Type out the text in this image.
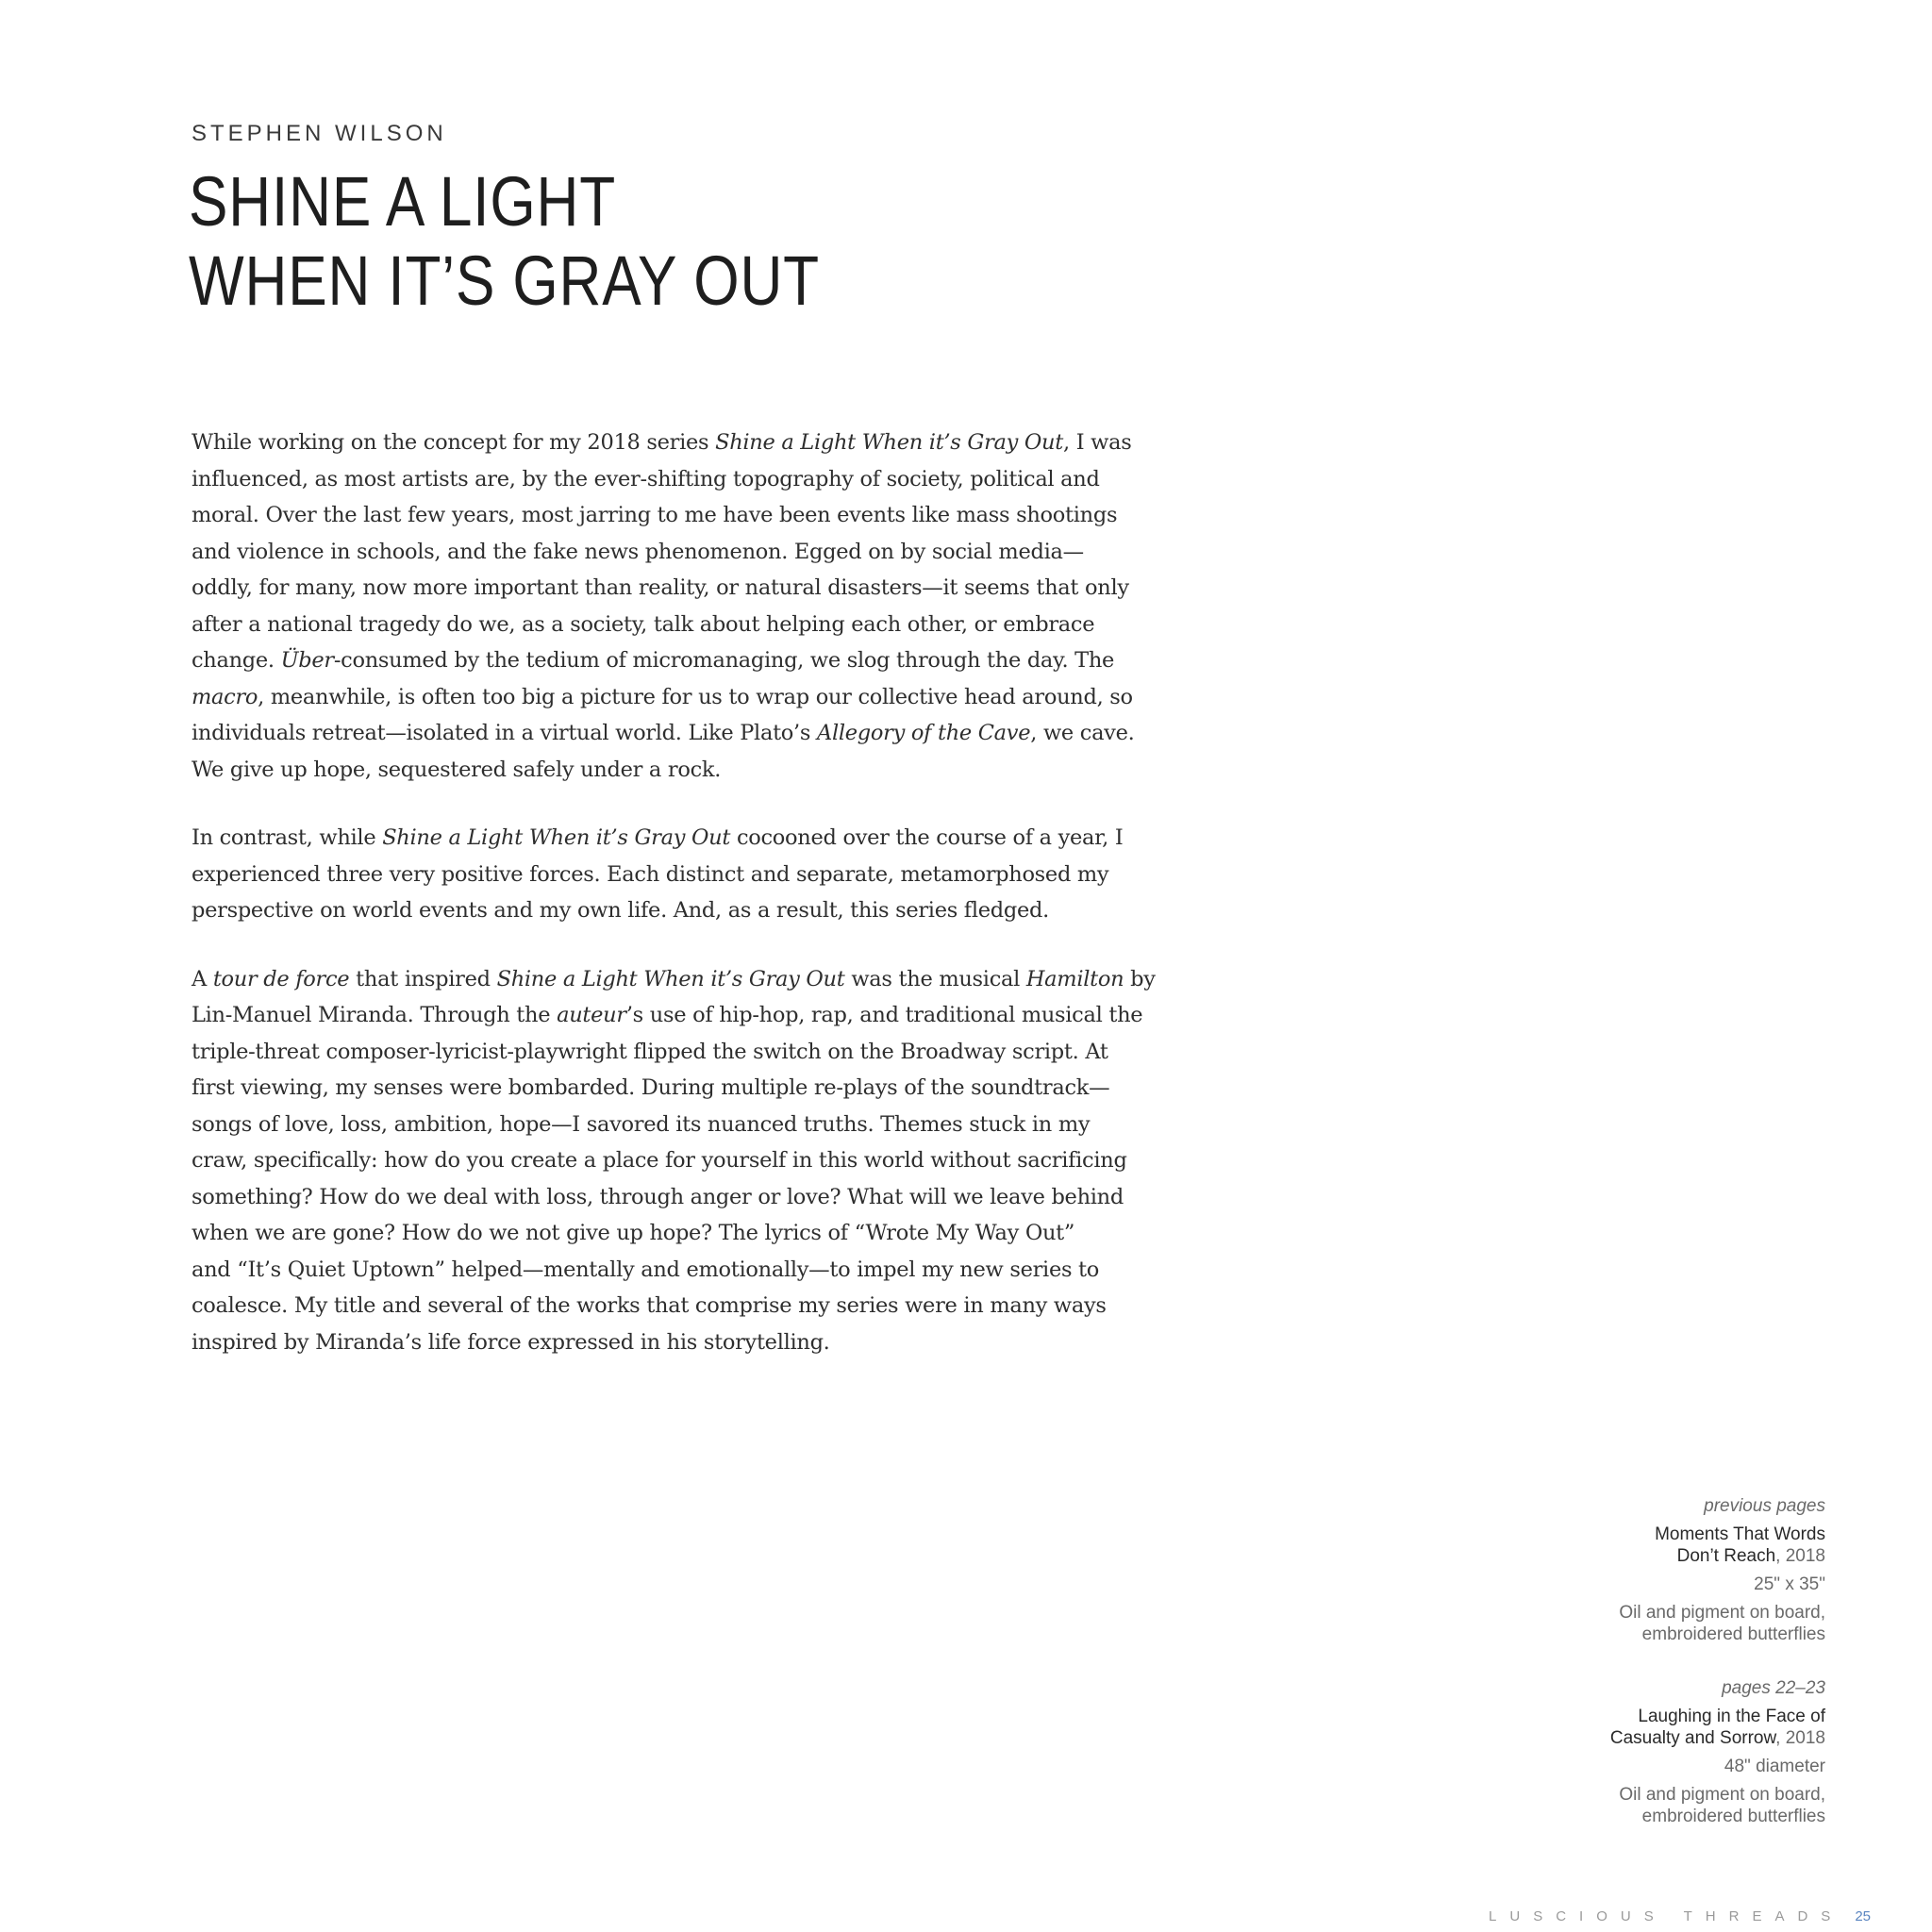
STEPHEN WILSON
SHINE A LIGHT
WHEN IT’S GRAY OUT
While working on the concept for my 2018 series Shine a Light When it’s Gray Out, I was
influenced, as most artists are, by the ever-shifting topography of society, political and
moral. Over the last few years, most jarring to me have been events like mass shootings
and violence in schools, and the fake news phenomenon. Egged on by social media—
oddly, for many, now more important than reality, or natural disasters—it seems that only
after a national tragedy do we, as a society, talk about helping each other, or embrace
change. Über-consumed by the tedium of micromanaging, we slog through the day. The
macro, meanwhile, is often too big a picture for us to wrap our collective head around, so
individuals retreat—isolated in a virtual world. Like Plato’s Allegory of the Cave, we cave.
We give up hope, sequestered safely under a rock.
In contrast, while Shine a Light When it’s Gray Out cocooned over the course of a year, I
experienced three very positive forces. Each distinct and separate, metamorphosed my
perspective on world events and my own life. And, as a result, this series fledged.
A tour de force that inspired Shine a Light When it’s Gray Out was the musical Hamilton by
Lin-Manuel Miranda. Through the auteur’s use of hip-hop, rap, and traditional musical the
triple-threat composer-lyricist-playwright flipped the switch on the Broadway script. At
first viewing, my senses were bombarded. During multiple re-plays of the soundtrack—
songs of love, loss, ambition, hope—I savored its nuanced truths. Themes stuck in my
craw, specifically: how do you create a place for yourself in this world without sacrificing
something? How do we deal with loss, through anger or love? What will we leave behind
when we are gone? How do we not give up hope? The lyrics of “Wrote My Way Out”
and “It’s Quiet Uptown” helped—mentally and emotionally—to impel my new series to
coalesce. My title and several of the works that comprise my series were in many ways
inspired by Miranda’s life force expressed in his storytelling.
previous pages
Moments That Words
Don’t Reach, 2018
25" x 35"
Oil and pigment on board,
embroidered butterflies
pages 22–23
Laughing in the Face of
Casualty and Sorrow, 2018
48" diameter
Oil and pigment on board,
embroidered butterflies
LUSCIOUS THREADS 25
